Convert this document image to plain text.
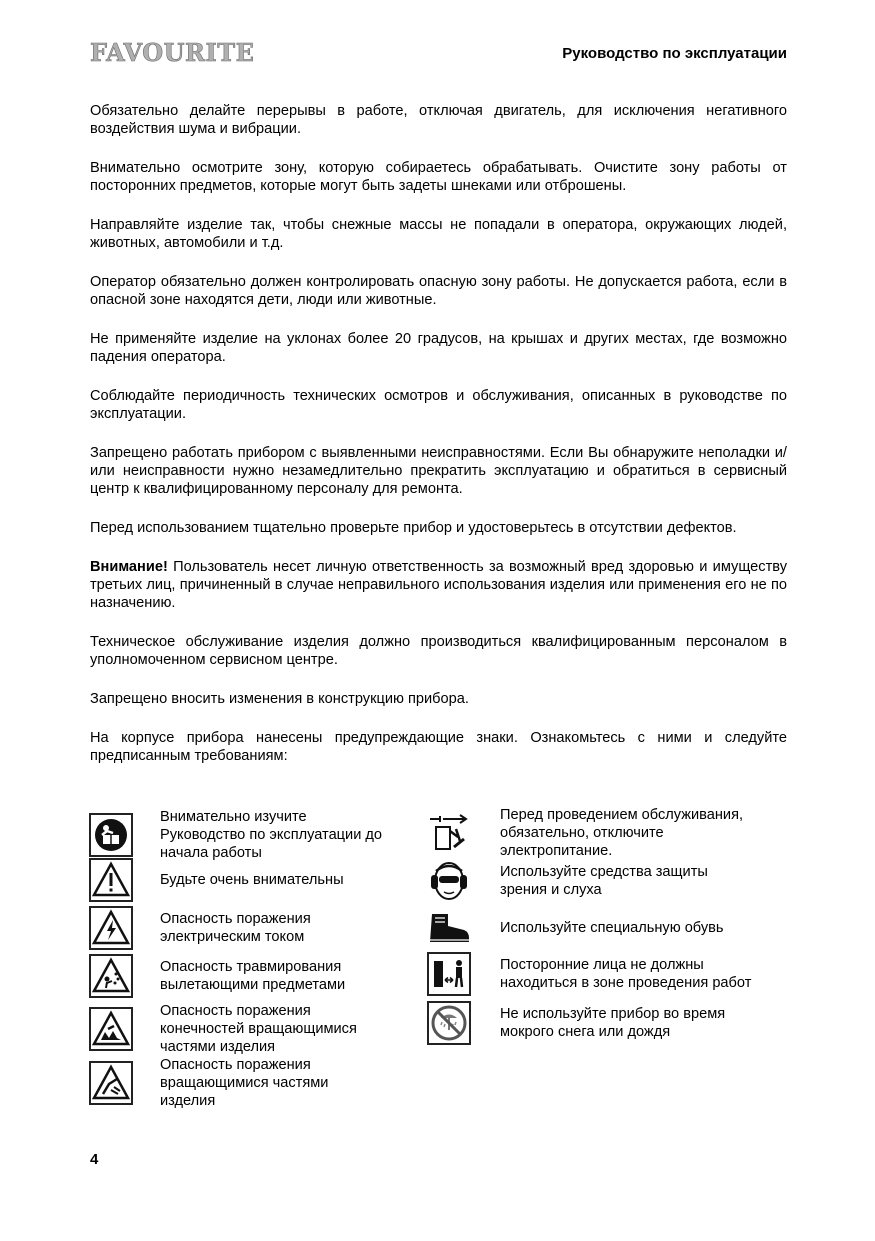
FAVOURITE	Руководство по эксплуатации

Обязательно делайте перерывы в работе, отключая двигатель, для исключения негативного воздействия шума и вибрации.

Внимательно осмотрите зону, которую собираетесь обрабатывать. Очистите зону работы от посторонних предметов, которые могут быть задеты шнеками или отброшены.

Направляйте изделие так, чтобы снежные массы не попадали в оператора, окружающих людей, животных, автомобили и т.д.

Оператор обязательно должен контролировать опасную зону работы. Не допускается работа, если в опасной зоне находятся дети, люди или животные.

Не применяйте изделие на уклонах более 20 градусов, на крышах и других местах, где возможно падения оператора.

Соблюдайте периодичность технических осмотров и обслуживания, описанных в руководстве по эксплуатации.

Запрещено работать прибором с выявленными неисправностями. Если Вы обнаружите неполадки и/или неисправности нужно незамедлительно прекратить эксплуатацию и обратиться в сервисный центр к квалифицированному персоналу для ремонта.

Перед использованием тщательно проверьте прибор и удостоверьтесь в отсутствии дефектов.

Внимание! Пользователь несет личную ответственность за возможный вред здоровью и имуществу третьих лиц, причиненный в случае неправильного использования изделия или применения его не по назначению.

Техническое обслуживание изделия должно производиться квалифицированным персоналом в уполномоченном сервисном центре.

Запрещено вносить изменения в конструкцию прибора.

На корпусе прибора нанесены предупреждающие знаки. Ознакомьтесь с ними и следуйте предписанным требованиям:

Внимательно изучите
Руководство по эксплуатации до
начала работы
Будьте очень внимательны
Опасность поражения
электрическим током
Опасность травмирования
вылетающими предметами
Опасность поражения
конечностей вращающимися
частями изделия
Опасность поражения
вращающимися частями
изделия
Перед проведением обслуживания,
обязательно, отключите
электропитание.
Используйте средства защиты
зрения и слуха
Используйте специальную обувь
Посторонние лица не должны
находиться в зоне проведения работ
Не используйте прибор во время
мокрого снега или дождя
4
